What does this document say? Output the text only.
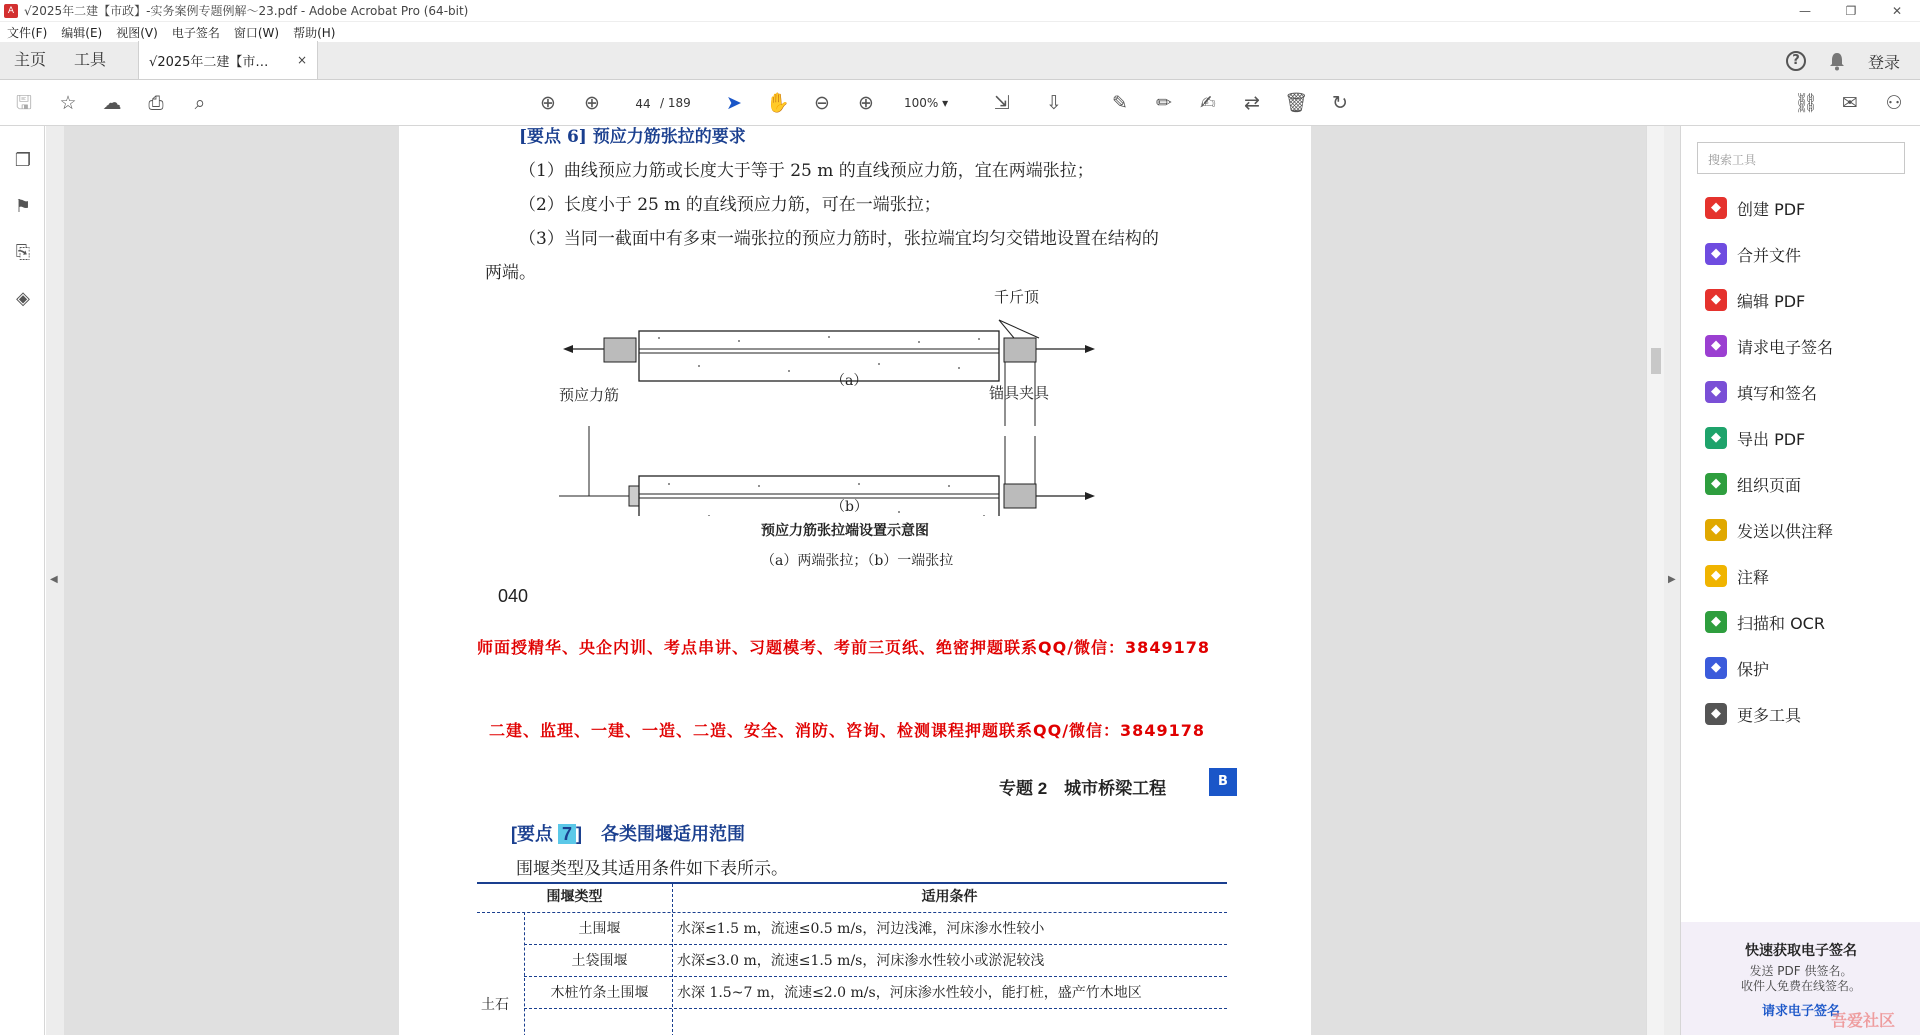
A √2025年二建【市政】-实务案例专题例解～23.pdf - Adobe Acrobat Pro (64-bit)	—	❐	✕
文件(F)	编辑(E)	视图(V)	电子签名	窗口(W)	帮助(H)
主页	工具	√2025年二建【市… ×	?	登录
🖫 ☆ ☁ ⎙	⌕	⊕ ⊕	44 / 189 ➤ ✋ ⊖ ⊕	100% ▾	⇲ ⇩	✎ ✏ ✍ ⇄ 🗑 ↻	⛓ ✉ ⚇
❐
⚑
⎘
◈
◀
[要点 6] 预应力筋张拉的要求
（1）曲线预应力筋或长度大于等于 25 m 的直线预应力筋，宜在两端张拉；
（2）长度小于 25 m 的直线预应力筋，可在一端张拉；
（3）当同一截面中有多束一端张拉的预应力筋时，张拉端宜均匀交错地设置在结构的
两端。
千斤顶
预应力筋	锚具夹具
（a）
（b）
预应力筋张拉端设置示意图
（a）两端张拉；（b）一端张拉
040
师面授精华、央企内训、考点串讲、习题模考、考前三页纸、绝密押题联系QQ/微信：3849178
二建、监理、一建、一造、二造、安全、消防、咨询、检测课程押题联系QQ/微信：3849178
专题 2　城市桥梁工程	B
[要点 7 ] 各类围堰适用范围
围堰类型及其适用条件如下表所示。
围堰类型	适用条件
土石
土围堰	水深≤1.5 m，流速≤0.5 m/s，河边浅滩，河床渗水性较小
土袋围堰	水深≤3.0 m，流速≤1.5 m/s，河床渗水性较小或淤泥较浅
木桩竹条土围堰	水深 1.5~7 m，流速≤2.0 m/s，河床渗水性较小，能打桩，盛产竹木地区
▶
搜索工具
◆	创建 PDF
◆	合并文件
◆	编辑 PDF
◆	请求电子签名
◆	填写和签名
◆	导出 PDF
◆	组织页面
◆	发送以供注释
◆	注释
◆	扫描和 OCR
◆	保护
◆	更多工具
快速获取电子签名
发送 PDF 供签名。
收件人免费在线签名。
请求电子签名
吾爱社区
